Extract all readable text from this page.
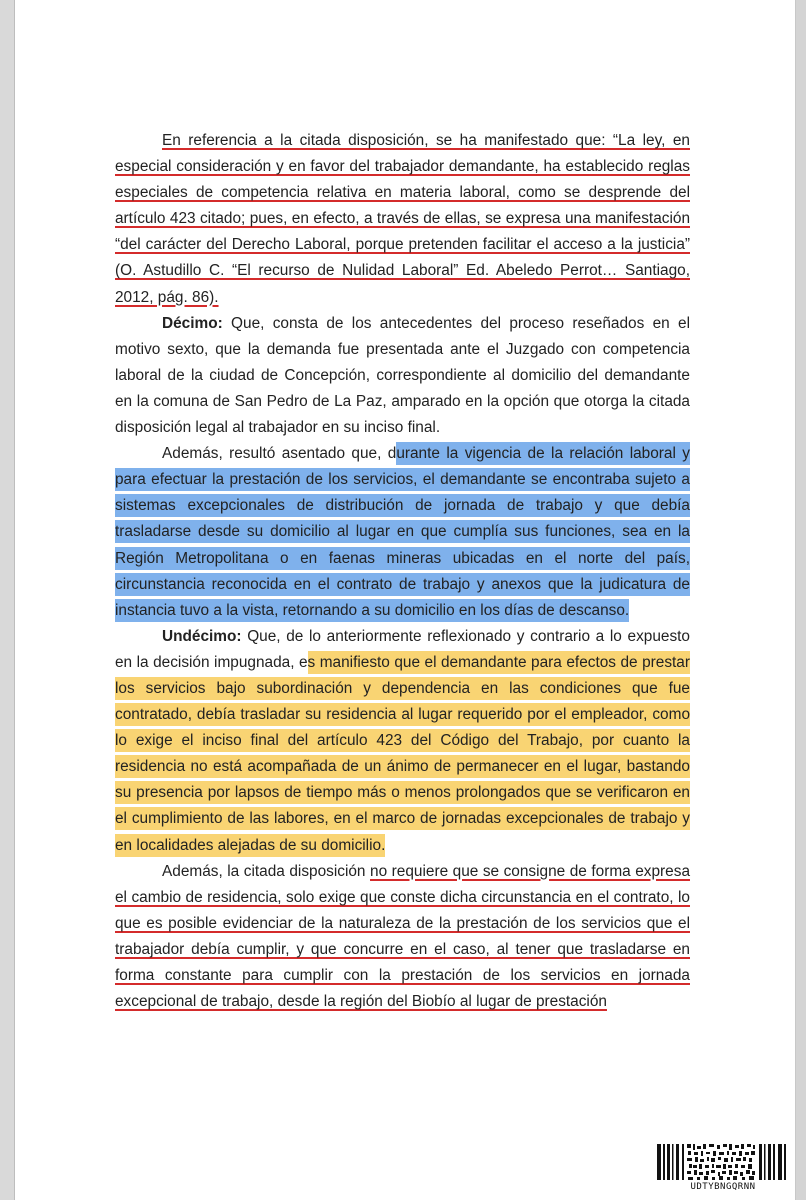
En referencia a la citada disposición, se ha manifestado que: “La ley, en especial consideración y en favor del trabajador demandante, ha establecido reglas especiales de competencia relativa en materia laboral, como se desprende del artículo 423 citado; pues, en efecto, a través de ellas, se expresa una manifestación “del carácter del Derecho Laboral, porque pretenden facilitar el acceso a la justicia” (O. Astudillo C. “El recurso de Nulidad Laboral” Ed. Abeledo Perrot… Santiago, 2012, pág. 86).

Décimo: Que, consta de los antecedentes del proceso reseñados en el motivo sexto, que la demanda fue presentada ante el Juzgado con competencia laboral de la ciudad de Concepción, correspondiente al domicilio del demandante en la comuna de San Pedro de La Paz, amparado en la opción que otorga la citada disposición legal al trabajador en su inciso final.

Además, resultó asentado que, durante la vigencia de la relación laboral y para efectuar la prestación de los servicios, el demandante se encontraba sujeto a sistemas excepcionales de distribución de jornada de trabajo y que debía trasladarse desde su domicilio al lugar en que cumplía sus funciones, sea en la Región Metropolitana o en faenas mineras ubicadas en el norte del país, circunstancia reconocida en el contrato de trabajo y anexos que la judicatura de instancia tuvo a la vista, retornando a su domicilio en los días de descanso.

Undécimo: Que, de lo anteriormente reflexionado y contrario a lo expuesto en la decisión impugnada, es manifiesto que el demandante para efectos de prestar los servicios bajo subordinación y dependencia en las condiciones que fue contratado, debía trasladar su residencia al lugar requerido por el empleador, como lo exige el inciso final del artículo 423 del Código del Trabajo, por cuanto la residencia no está acompañada de un ánimo de permanecer en el lugar, bastando su presencia por lapsos de tiempo más o menos prolongados que se verificaron en el cumplimiento de las labores, en el marco de jornadas excepcionales de trabajo y en localidades alejadas de su domicilio.

Además, la citada disposición no requiere que se consigne de forma expresa el cambio de residencia, solo exige que conste dicha circunstancia en el contrato, lo que es posible evidenciar de la naturaleza de la prestación de los servicios que el trabajador debía cumplir, y que concurre en el caso, al tener que trasladarse en forma constante para cumplir con la prestación de los servicios en jornada excepcional de trabajo, desde la región del Biobío al lugar de prestación

UDTYBNGQRNN
